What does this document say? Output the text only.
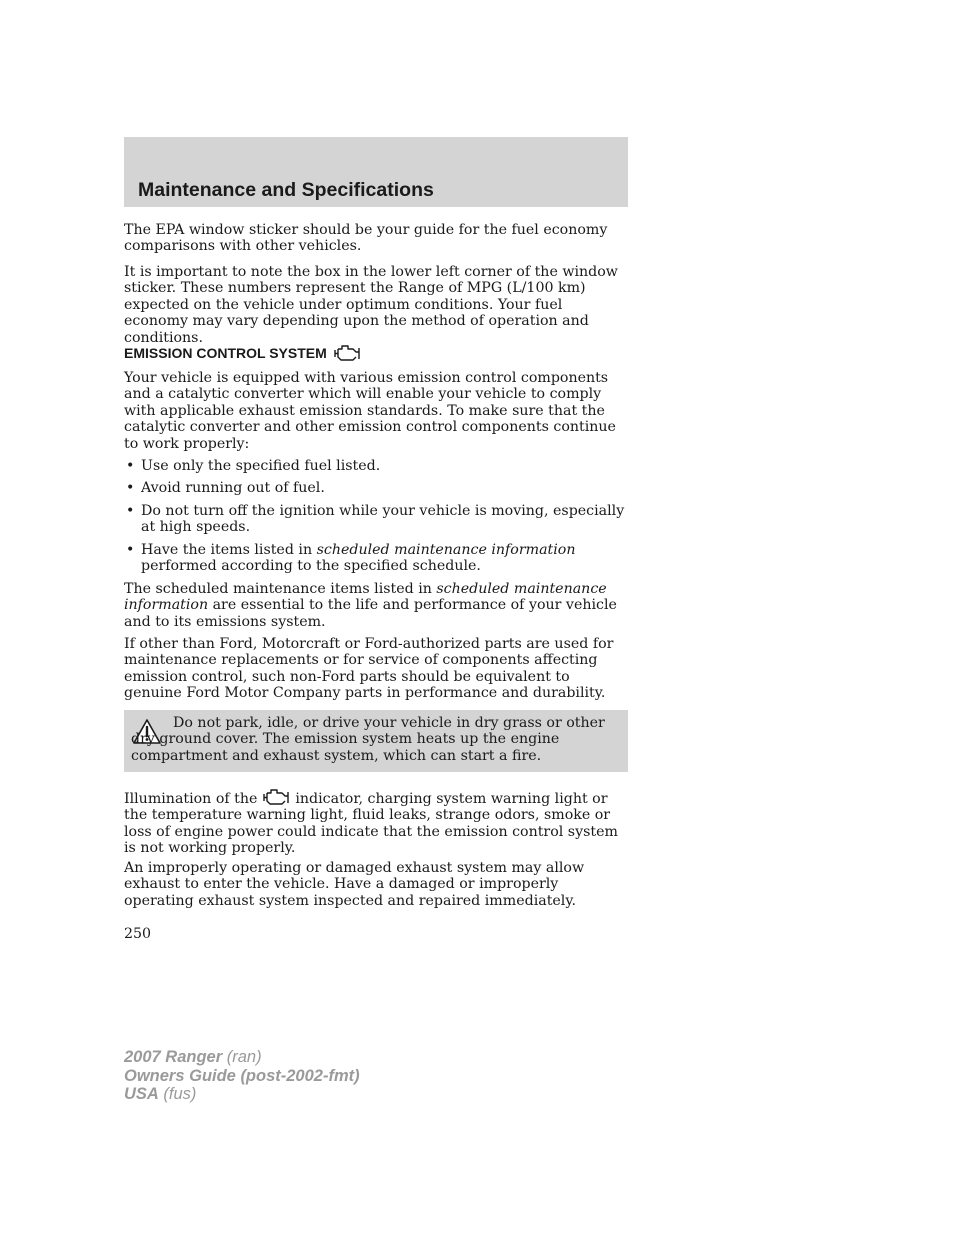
Maintenance and Specifications

The EPA window sticker should be your guide for the fuel economy comparisons with other vehicles.

It is important to note the box in the lower left corner of the window sticker. These numbers represent the Range of MPG (L/100 km) expected on the vehicle under optimum conditions. Your fuel economy may vary depending upon the method of operation and conditions.

EMISSION CONTROL SYSTEM

Your vehicle is equipped with various emission control components and a catalytic converter which will enable your vehicle to comply with applicable exhaust emission standards. To make sure that the catalytic converter and other emission control components continue to work properly:

• Use only the specified fuel listed.
• Avoid running out of fuel.
• Do not turn off the ignition while your vehicle is moving, especially at high speeds.
• Have the items listed in scheduled maintenance information performed according to the specified schedule.

The scheduled maintenance items listed in scheduled maintenance information are essential to the life and performance of your vehicle and to its emissions system.

If other than Ford, Motorcraft or Ford-authorized parts are used for maintenance replacements or for service of components affecting emission control, such non-Ford parts should be equivalent to genuine Ford Motor Company parts in performance and durability.

Do not park, idle, or drive your vehicle in dry grass or other dry ground cover. The emission system heats up the engine compartment and exhaust system, which can start a fire.

Illumination of the	indicator, charging system warning light or the temperature warning light, fluid leaks, strange odors, smoke or loss of engine power could indicate that the emission control system is not working properly.

An improperly operating or damaged exhaust system may allow exhaust to enter the vehicle. Have a damaged or improperly operating exhaust system inspected and repaired immediately.

250
2007 Ranger (ran)
Owners Guide (post-2002-fmt)
USA (fus)
